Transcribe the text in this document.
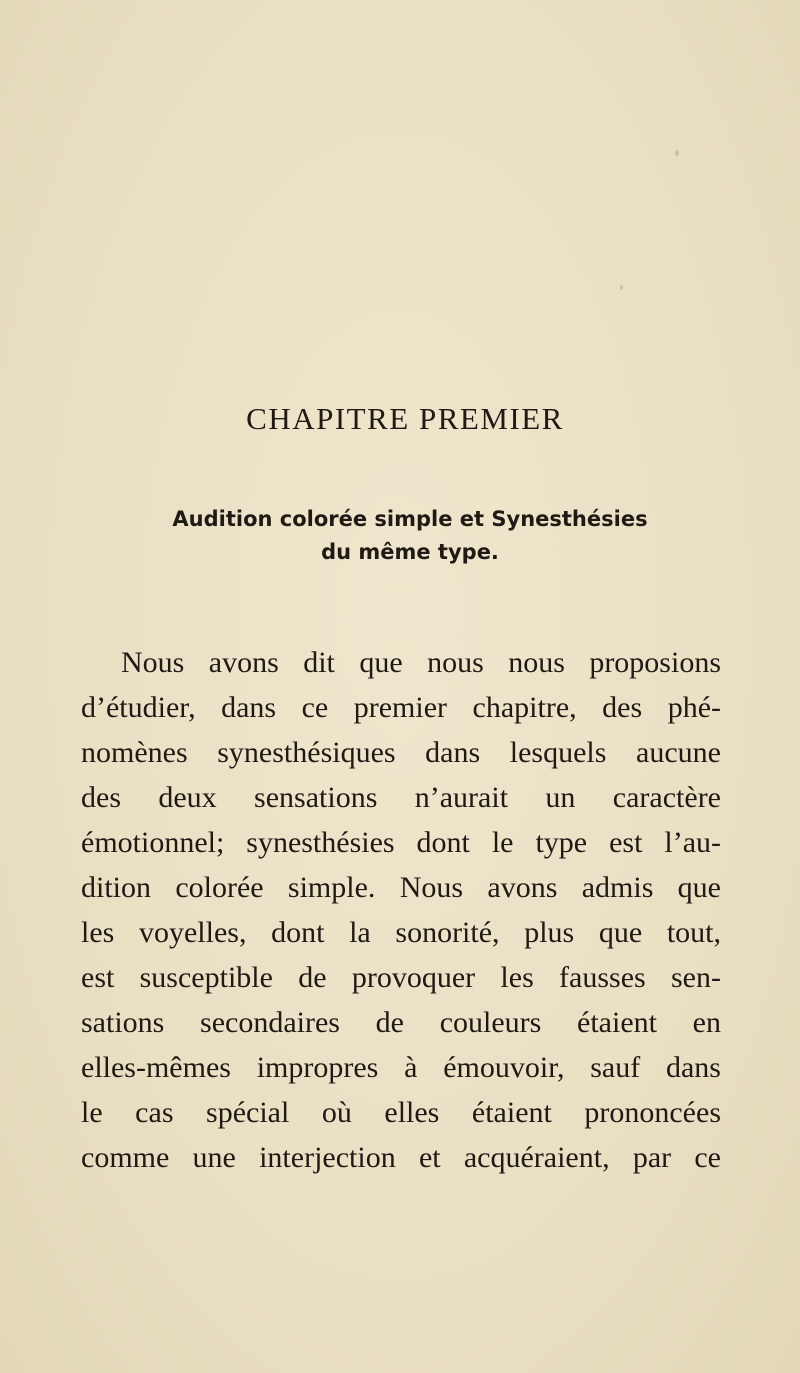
CHAPITRE PREMIER
Audition colorée simple et Synesthésies
du même type.
Nous avons dit que nous nous proposions
d’étudier, dans ce premier chapitre, des phé-
nomènes synesthésiques dans lesquels aucune
des deux sensations n’aurait un caractère
émotionnel; synesthésies dont le type est l’au-
dition colorée simple. Nous avons admis que
les voyelles, dont la sonorité, plus que tout,
est susceptible de provoquer les fausses sen-
sations secondaires de couleurs étaient en
elles-mêmes impropres à émouvoir, sauf dans
le cas spécial où elles étaient prononcées
comme une interjection et acquéraient, par ce
